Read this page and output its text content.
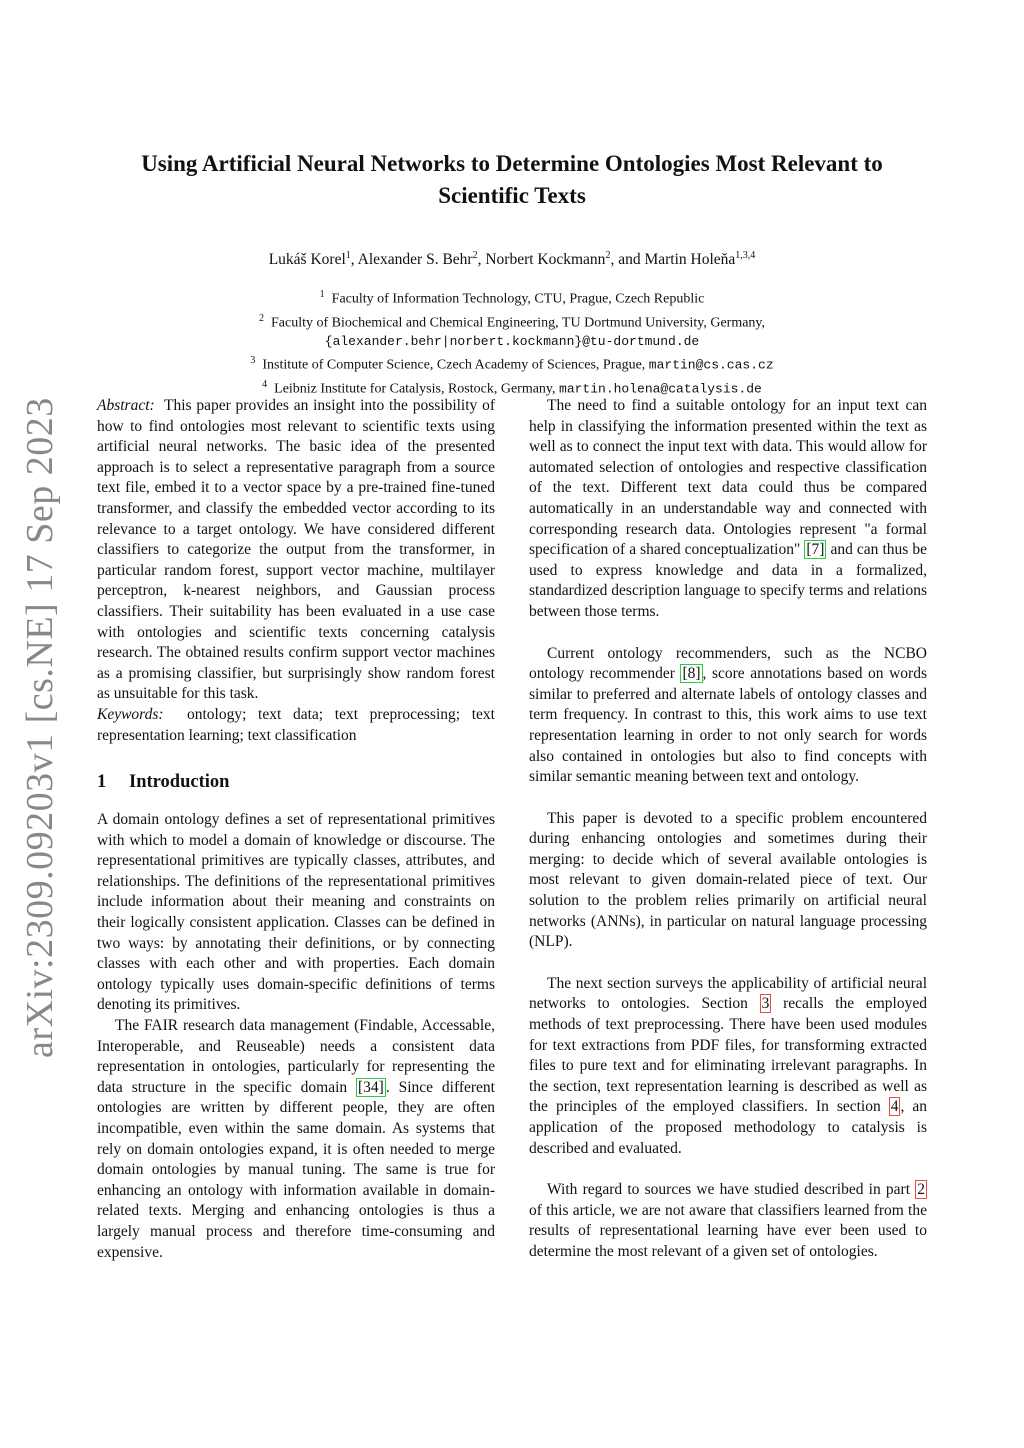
arXiv:2309.09203v1 [cs.NE] 17 Sep 2023
Using Artificial Neural Networks to Determine Ontologies Most Relevant to Scientific Texts
Lukáš Korel$^1$, Alexander S. Behr$^2$, Norbert Kockmann$^2$, and Martin Holeňa$^{1,3,4}$
$^1$ Faculty of Information Technology, CTU, Prague, Czech Republic
$^2$ Faculty of Biochemical and Chemical Engineering, TU Dortmund University, Germany,
{alexander.behr|norbert.kockmann}@tu-dortmund.de
$^3$ Institute of Computer Science, Czech Academy of Sciences, Prague, martin@cs.cas.cz
$^4$ Leibniz Institute for Catalysis, Rostock, Germany, martin.holena@catalysis.de

Abstract: This paper provides an insight into the possibility of how to find ontologies most relevant to scientific texts using artificial neural networks. The basic idea of the presented approach is to select a representative paragraph from a source text file, embed it to a vector space by a pre-trained fine-tuned transformer, and classify the embedded vector according to its relevance to a target ontology. We have considered different classifiers to categorize the output from the transformer, in particular random forest, support vector machine, multilayer perceptron, k-nearest neighbors, and Gaussian process classifiers. Their suitability has been evaluated in a use case with ontologies and scientific texts concerning catalysis research. The obtained results confirm support vector machines as a promising classifier, but surprisingly show random forest as unsuitable for this task.

Keywords: ontology; text data; text preprocessing; text representation learning; text classification

1 Introduction

A domain ontology defines a set of representational primitives with which to model a domain of knowledge or discourse. The representational primitives are typically classes, attributes, and relationships. The definitions of the representational primitives include information about their meaning and constraints on their logically consistent application. Classes can be defined in two ways: by annotating their definitions, or by connecting classes with each other and with properties. Each domain ontology typically uses domain-specific definitions of terms denoting its primitives.

The FAIR research data management (Findable, Accessable, Interoperable, and Reuseable) needs a consistent data representation in ontologies, particularly for representing the data structure in the specific domain [34] . Since different ontologies are written by different people, they are often incompatible, even within the same domain. As systems that rely on domain ontologies expand, it is often needed to merge domain ontologies by manual tuning. The same is true for enhancing an ontology with information available in domain-related texts. Merging and enhancing ontologies is thus a largely manual process and therefore time-consuming and expensive.

The need to find a suitable ontology for an input text can help in classifying the information presented within the text as well as to connect the input text with data. This would allow for automated selection of ontologies and respective classification of the text. Different text data could thus be compared automatically in an understandable way and connected with corresponding research data. Ontologies represent "a formal specification of a shared conceptualization" [7] and can thus be used to express knowledge and data in a formalized, standardized description language to specify terms and relations between those terms.

Current ontology recommenders, such as the NCBO ontology recommender [8] , score annotations based on words similar to preferred and alternate labels of ontology classes and term frequency. In contrast to this, this work aims to use text representation learning in order to not only search for words also contained in ontologies but also to find concepts with similar semantic meaning between text and ontology.

This paper is devoted to a specific problem encountered during enhancing ontologies and sometimes during their merging: to decide which of several available ontologies is most relevant to given domain-related piece of text. Our solution to the problem relies primarily on artificial neural networks (ANNs), in particular on natural language processing (NLP).

The next section surveys the applicability of artificial neural networks to ontologies. Section 3 recalls the employed methods of text preprocessing. There have been used modules for text extractions from PDF files, for transforming extracted files to pure text and for eliminating irrelevant paragraphs. In the section, text representation learning is described as well as the principles of the employed classifiers. In section 4 , an application of the proposed methodology to catalysis is described and evaluated.

With regard to sources we have studied described in part 2 of this article, we are not aware that classifiers learned from the results of representational learning have ever been used to determine the most relevant of a given set of ontologies.
